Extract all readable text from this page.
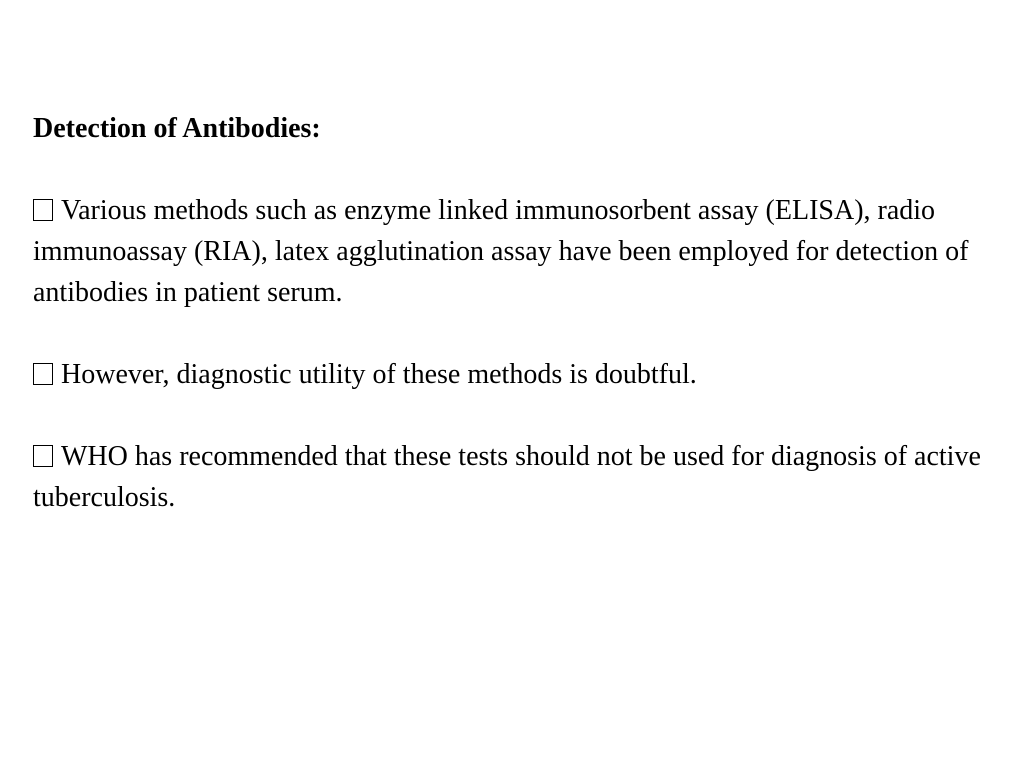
Detection of Antibodies:
Various methods such as enzyme linked immunosorbent assay (ELISA), radio immunoassay (RIA), latex agglutination assay have been employed for detection of antibodies in patient serum.
However, diagnostic utility of these methods is doubtful.
WHO has recommended that these tests should not be used for diagnosis of active tuberculosis.
